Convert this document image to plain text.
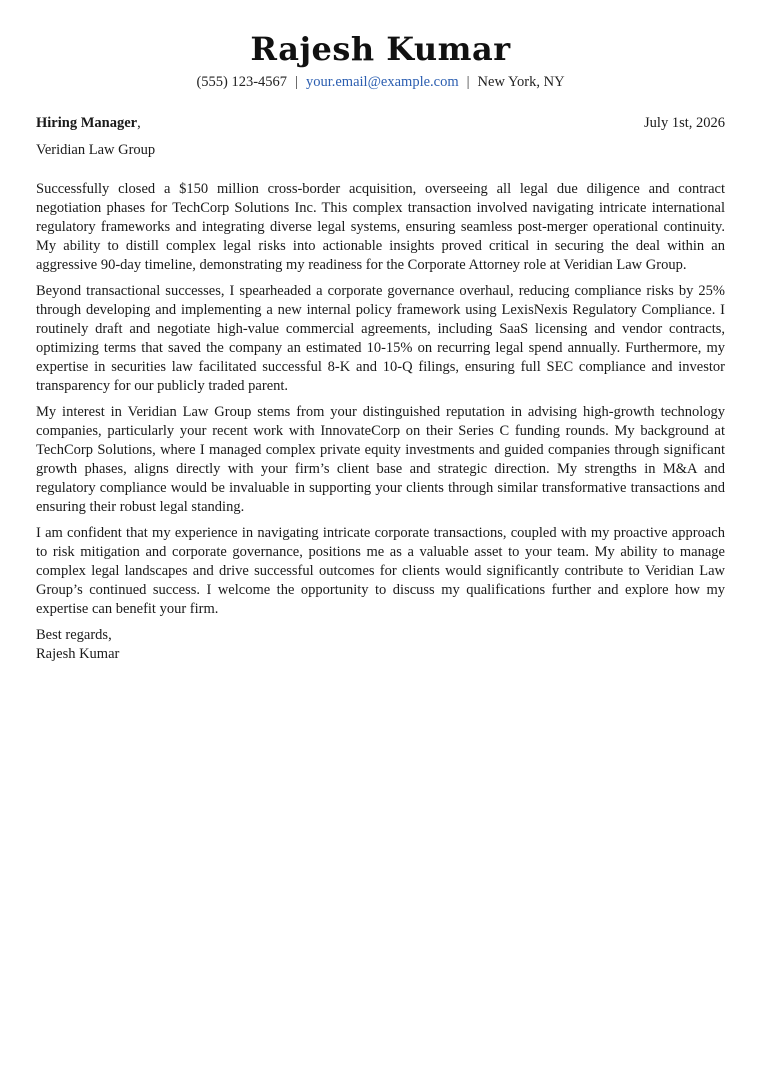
Rajesh Kumar
(555) 123-4567 | your.email@example.com | New York, NY
Hiring Manager,	July 1st, 2026
Veridian Law Group

Successfully closed a $150 million cross-border acquisition, overseeing all legal due diligence and contract negotiation phases for TechCorp Solutions Inc. This complex transaction involved navigating intricate international regulatory frameworks and integrating diverse legal systems, ensuring seamless post-merger operational continuity. My ability to distill complex legal risks into actionable insights proved critical in securing the deal within an aggressive 90-day timeline, demonstrating my readiness for the Corporate Attorney role at Veridian Law Group.

Beyond transactional successes, I spearheaded a corporate governance overhaul, reducing compliance risks by 25% through developing and implementing a new internal policy framework using LexisNexis Regulatory Compliance. I routinely draft and negotiate high-value commercial agreements, including SaaS licensing and vendor contracts, optimizing terms that saved the company an estimated 10-15% on recurring legal spend annually. Furthermore, my expertise in securities law facilitated successful 8-K and 10-Q filings, ensuring full SEC compliance and investor transparency for our publicly traded parent.

My interest in Veridian Law Group stems from your distinguished reputation in advising high-growth technology companies, particularly your recent work with InnovateCorp on their Series C funding rounds. My background at TechCorp Solutions, where I managed complex private equity investments and guided companies through significant growth phases, aligns directly with your firm’s client base and strategic direction. My strengths in M&A and regulatory compliance would be invaluable in supporting your clients through similar transformative transactions and ensuring their robust legal standing.

I am confident that my experience in navigating intricate corporate transactions, coupled with my proactive approach to risk mitigation and corporate governance, positions me as a valuable asset to your team. My ability to manage complex legal landscapes and drive successful outcomes for clients would significantly contribute to Veridian Law Group’s continued success. I welcome the opportunity to discuss my qualifications further and explore how my expertise can benefit your firm.

Best regards,
Rajesh Kumar
